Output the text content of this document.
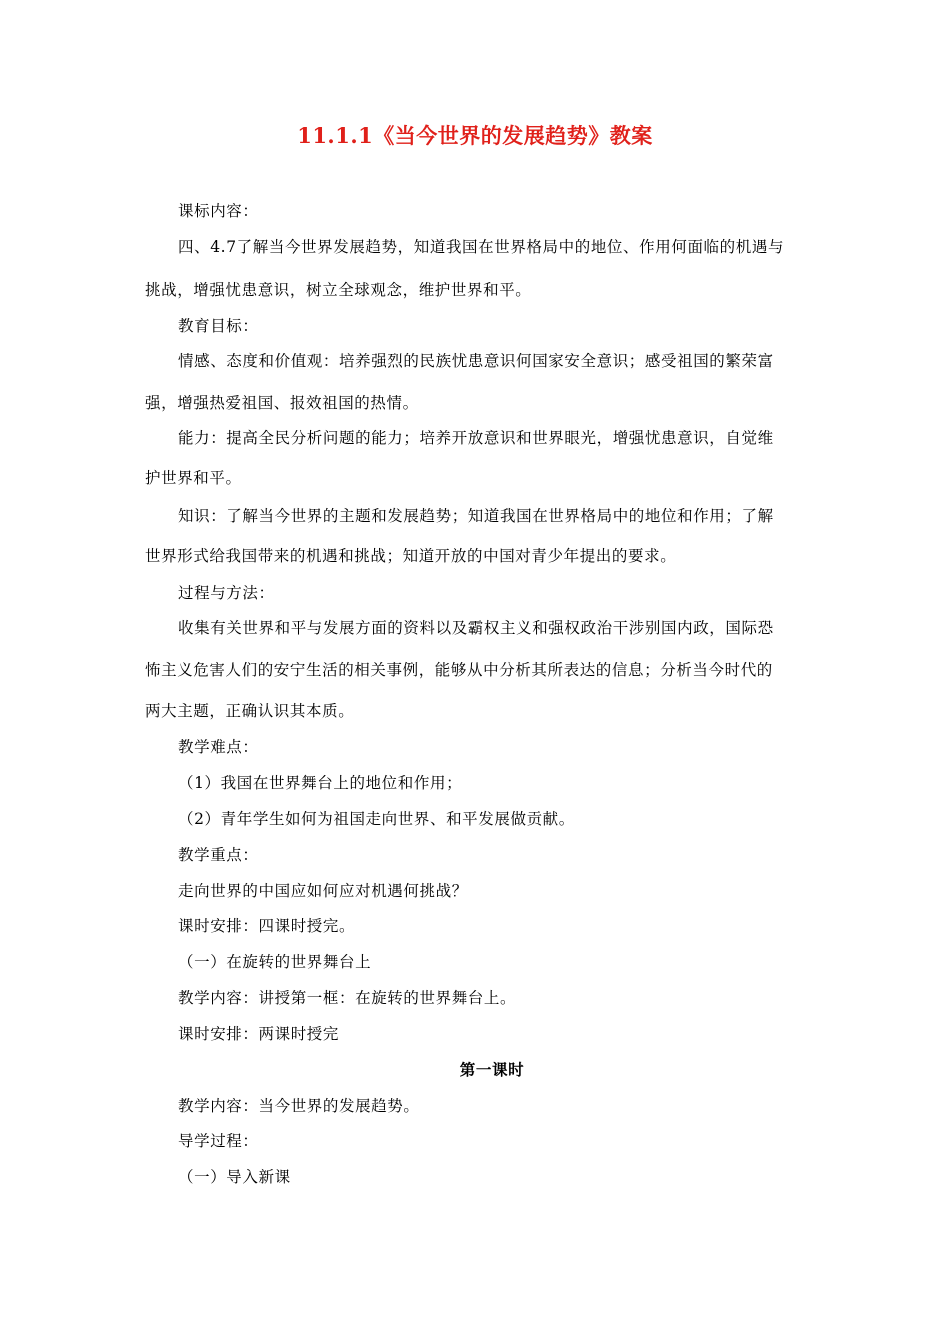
11.1.1《当今世界的发展趋势》教案
课标内容：
四、4.7了解当今世界发展趋势，知道我国在世界格局中的地位、作用何面临的机遇与
挑战，增强忧患意识，树立全球观念，维护世界和平。
教育目标：
情感、态度和价值观：培养强烈的民族忧患意识何国家安全意识；感受祖国的繁荣富
强，增强热爱祖国、报效祖国的热情。
能力：提高全民分析问题的能力；培养开放意识和世界眼光，增强忧患意识，自觉维
护世界和平。
知识：了解当今世界的主题和发展趋势；知道我国在世界格局中的地位和作用；了解
世界形式给我国带来的机遇和挑战；知道开放的中国对青少年提出的要求。
过程与方法：
收集有关世界和平与发展方面的资料以及霸权主义和强权政治干涉别国内政，国际恐
怖主义危害人们的安宁生活的相关事例，能够从中分析其所表达的信息；分析当今时代的
两大主题，正确认识其本质。
教学难点：
（1）我国在世界舞台上的地位和作用；
（2）青年学生如何为祖国走向世界、和平发展做贡献。
教学重点：
走向世界的中国应如何应对机遇何挑战？
课时安排：四课时授完。
（一）在旋转的世界舞台上
教学内容：讲授第一框：在旋转的世界舞台上。
课时安排：两课时授完
第一课时
教学内容：当今世界的发展趋势。
导学过程：
（一）导入新课
